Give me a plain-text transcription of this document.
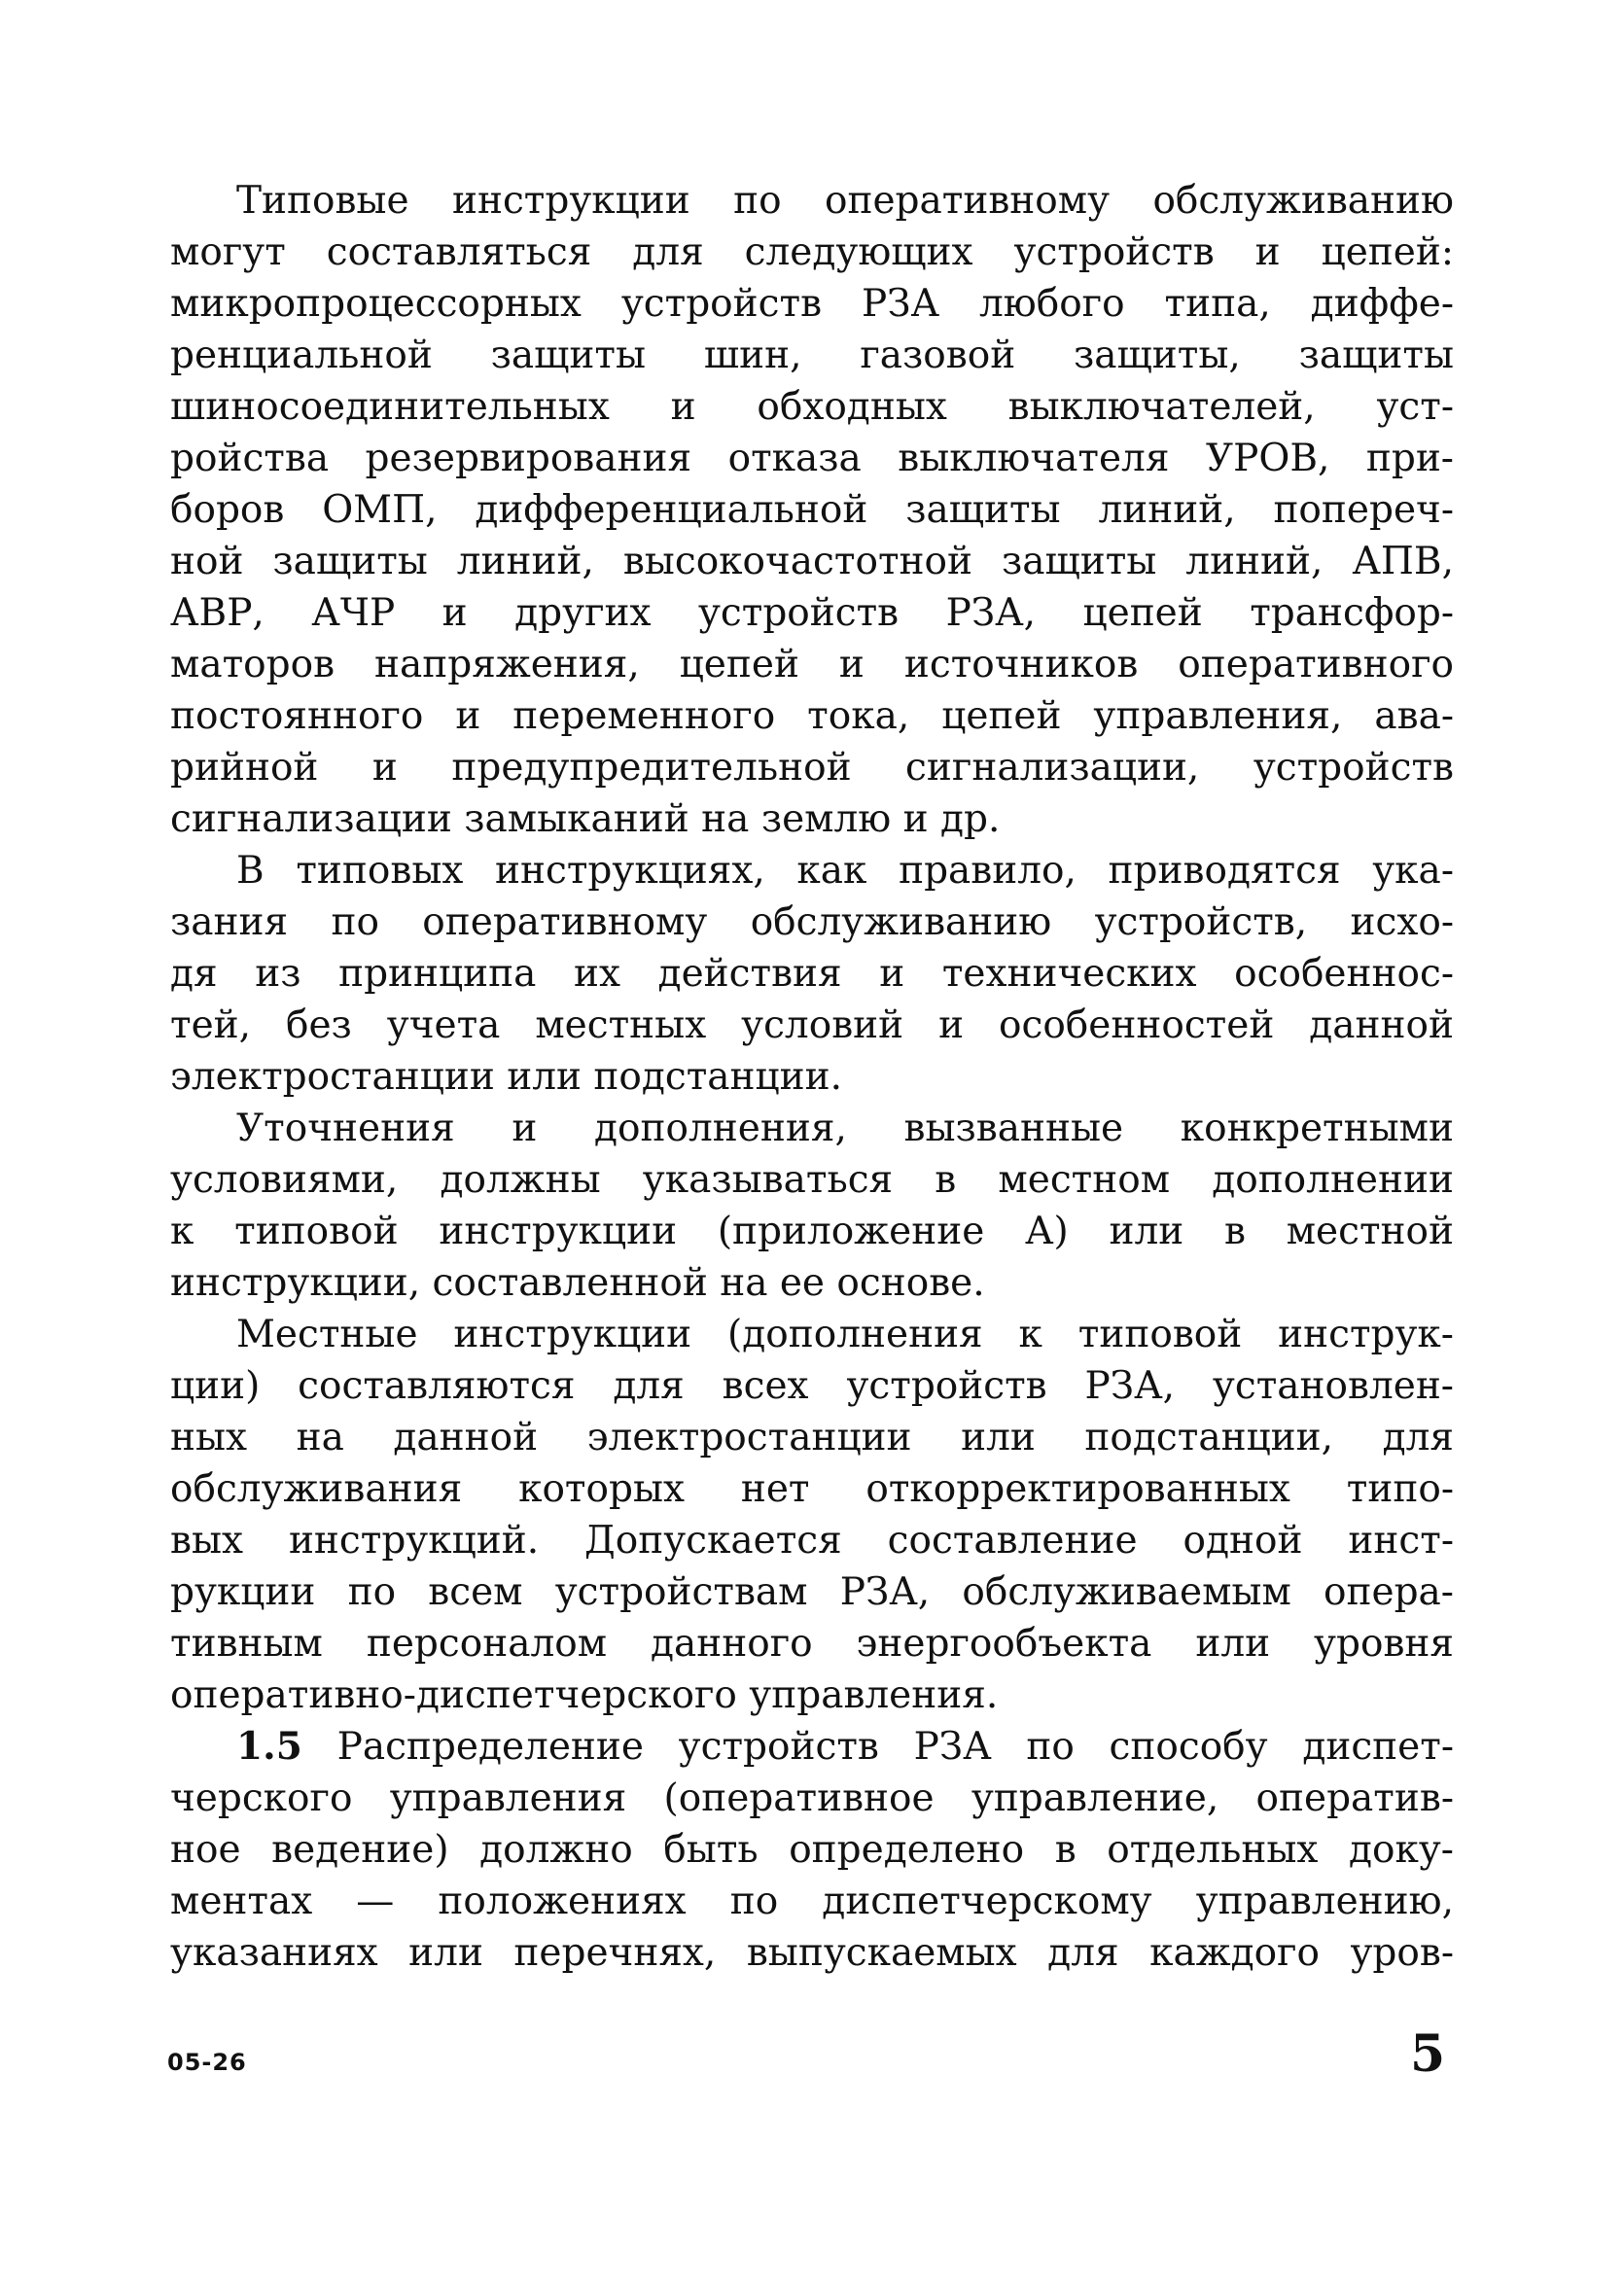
Типовые инструкции по оперативному обслуживанию
могут составляться для следующих устройств и цепей:
микропроцессорных устройств РЗА любого типа, диффе-
ренциальной защиты шин, газовой защиты, защиты
шиносоединительных и обходных выключателей, уст-
ройства резервирования отказа выключателя УРОВ, при-
боров ОМП, дифференциальной защиты линий, попереч-
ной защиты линий, высокочастотной защиты линий, АПВ,
АВР, АЧР и других устройств РЗА, цепей трансфор-
маторов напряжения, цепей и источников оперативного
постоянного и переменного тока, цепей управления, ава-
рийной и предупредительной сигнализации, устройств
сигнализации замыканий на землю и др.
В типовых инструкциях, как правило, приводятся ука-
зания по оперативному обслуживанию устройств, исхо-
дя из принципа их действия и технических особеннос-
тей, без учета местных условий и особенностей данной
электростанции или подстанции.
Уточнения и дополнения, вызванные конкретными
условиями, должны указываться в местном дополнении
к типовой инструкции (приложение А) или в местной
инструкции, составленной на ее основе.
Местные инструкции (дополнения к типовой инструк-
ции) составляются для всех устройств РЗА, установлен-
ных на данной электростанции или подстанции, для
обслуживания которых нет откорректированных типо-
вых инструкций. Допускается составление одной инст-
рукции по всем устройствам РЗА, обслуживаемым опера-
тивным персоналом данного энергообъекта или уровня
оперативно-диспетчерского управления.
1.5 Распределение устройств РЗА по способу диспет-
черского управления (оперативное управление, оператив-
ное ведение) должно быть определено в отдельных доку-
ментах — положениях по диспетчерскому управлению,
указаниях или перечнях, выпускаемых для каждого уров-
05-26	5
